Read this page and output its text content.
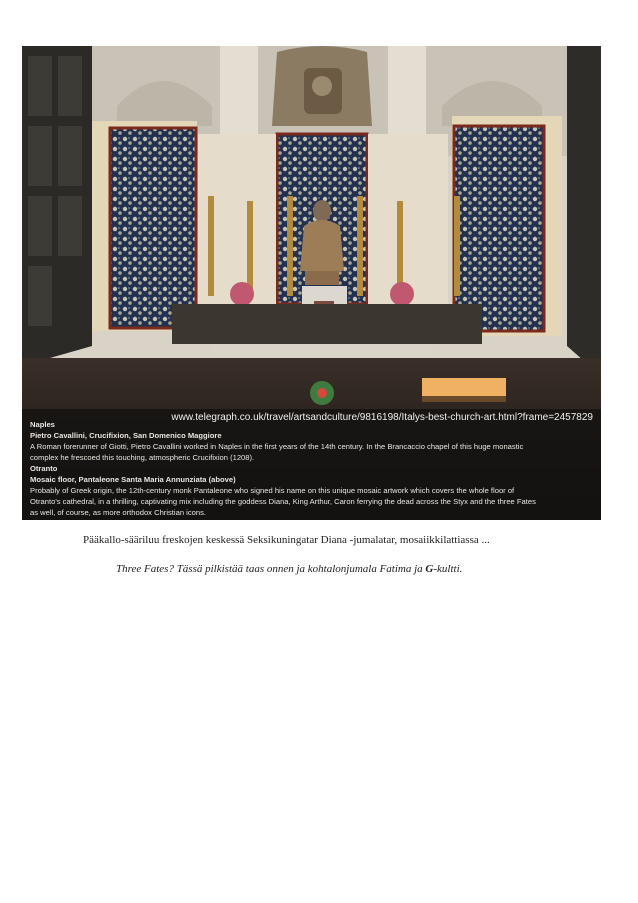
www.telegraph.co.uk/travel/artsandculture/9816198/Italys-best-church-art.html?frame=2457829
Naples
Pietro Cavallini, Crucifixion, San Domenico Maggiore
A Roman forerunner of Giotti, Pietro Cavallini worked in Naples in the first years of the 14th century. In the Brancaccio chapel of this huge monastic
complex he frescoed this touching, atmospheric Crucifixion (1208).
Otranto
Mosaic floor, Pantaleone Santa Maria Annunziata (above)
Probably of Greek origin, the 12th-century monk Pantaleone who signed his name on this unique mosaic artwork which covers the whole floor of
Otranto's cathedral, in a thrilling, captivating mix including the goddess Diana, King Arthur, Caron ferrying the dead across the Styx and the three Fates
as well, of course, as more orthodox Christian icons.
Pääkallo-sääriluu freskojen keskessä Seksikuningatar Diana -jumalatar, mosaiikkilattiassa ...
Three Fates? Tässä pilkistää taas onnen ja kohtalonjumala Fatima ja G-kultti.
